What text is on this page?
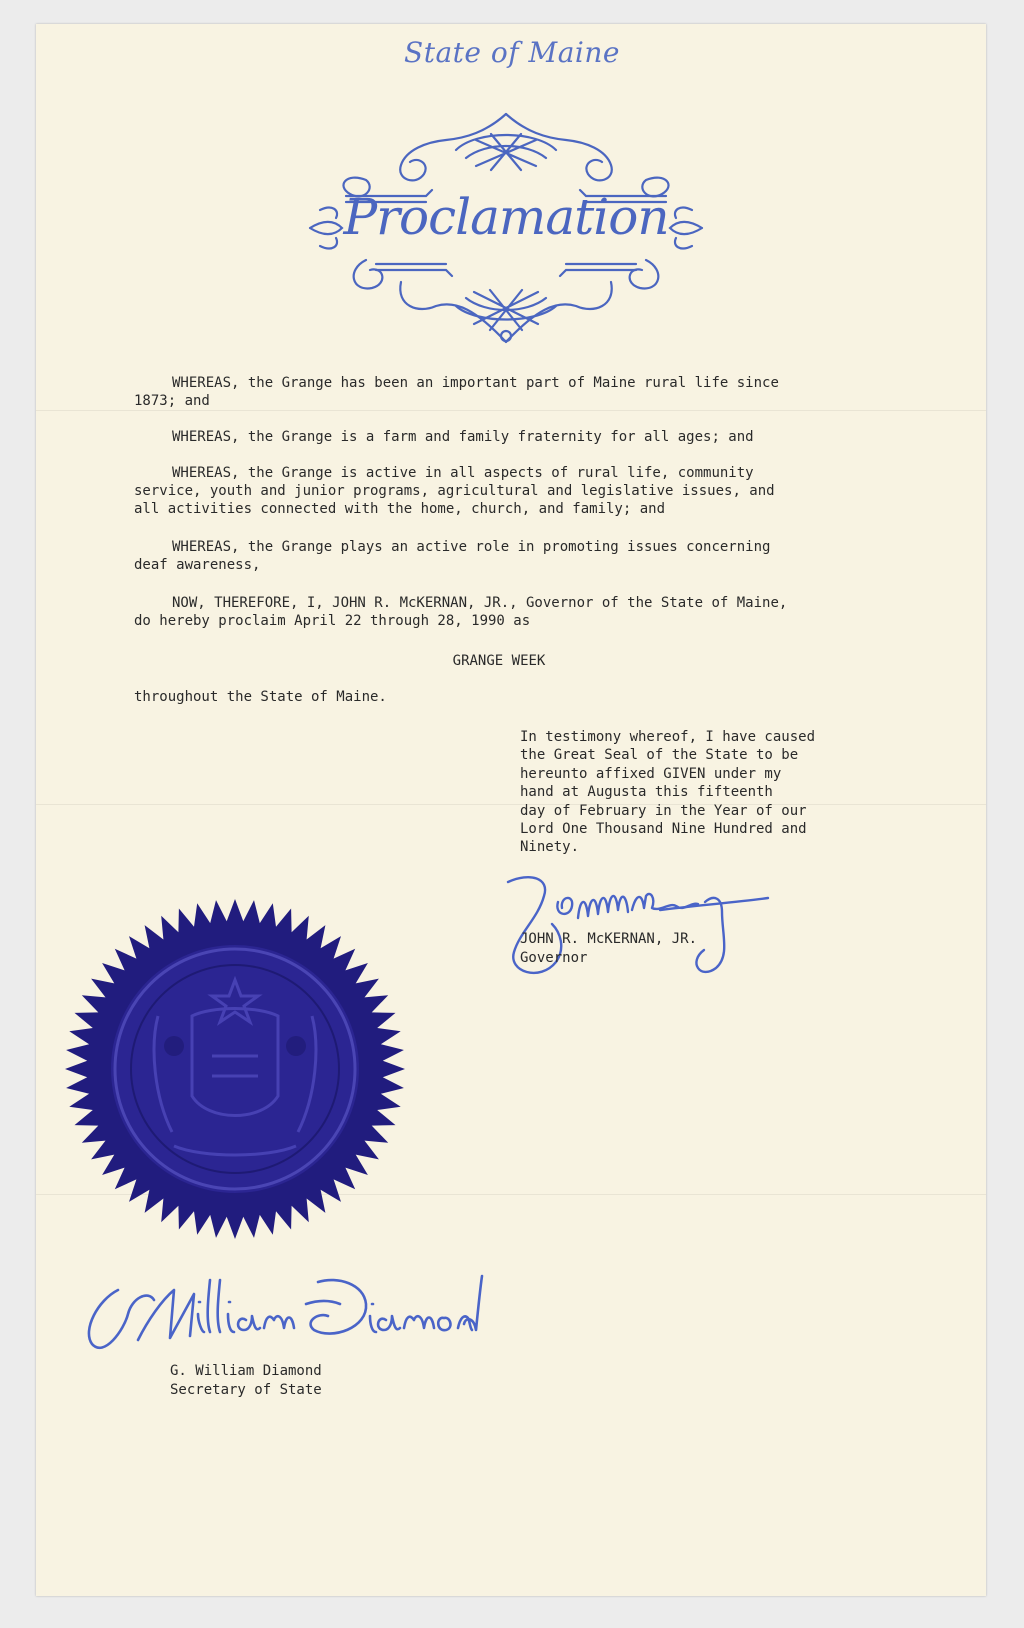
State of Maine
Proclamation

WHEREAS, the Grange has been an important part of Maine rural life since
1873; and

WHEREAS, the Grange is a farm and family fraternity for all ages; and

WHEREAS, the Grange is active in all aspects of rural life, community
service, youth and junior programs, agricultural and legislative issues, and
all activities connected with the home, church, and family; and

WHEREAS, the Grange plays an active role in promoting issues concerning
deaf awareness,

NOW, THEREFORE, I, JOHN R. McKERNAN, JR., Governor of the State of Maine,
do hereby proclaim April 22 through 28, 1990 as

GRANGE WEEK

throughout the State of Maine.

In testimony whereof, I have caused
the Great Seal of the State to be
hereunto affixed GIVEN under my
hand at Augusta this fifteenth
day of February in the Year of our
Lord One Thousand Nine Hundred and
Ninety.
JOHN R. McKERNAN, JR.
Governor
G. William Diamond
Secretary of State
